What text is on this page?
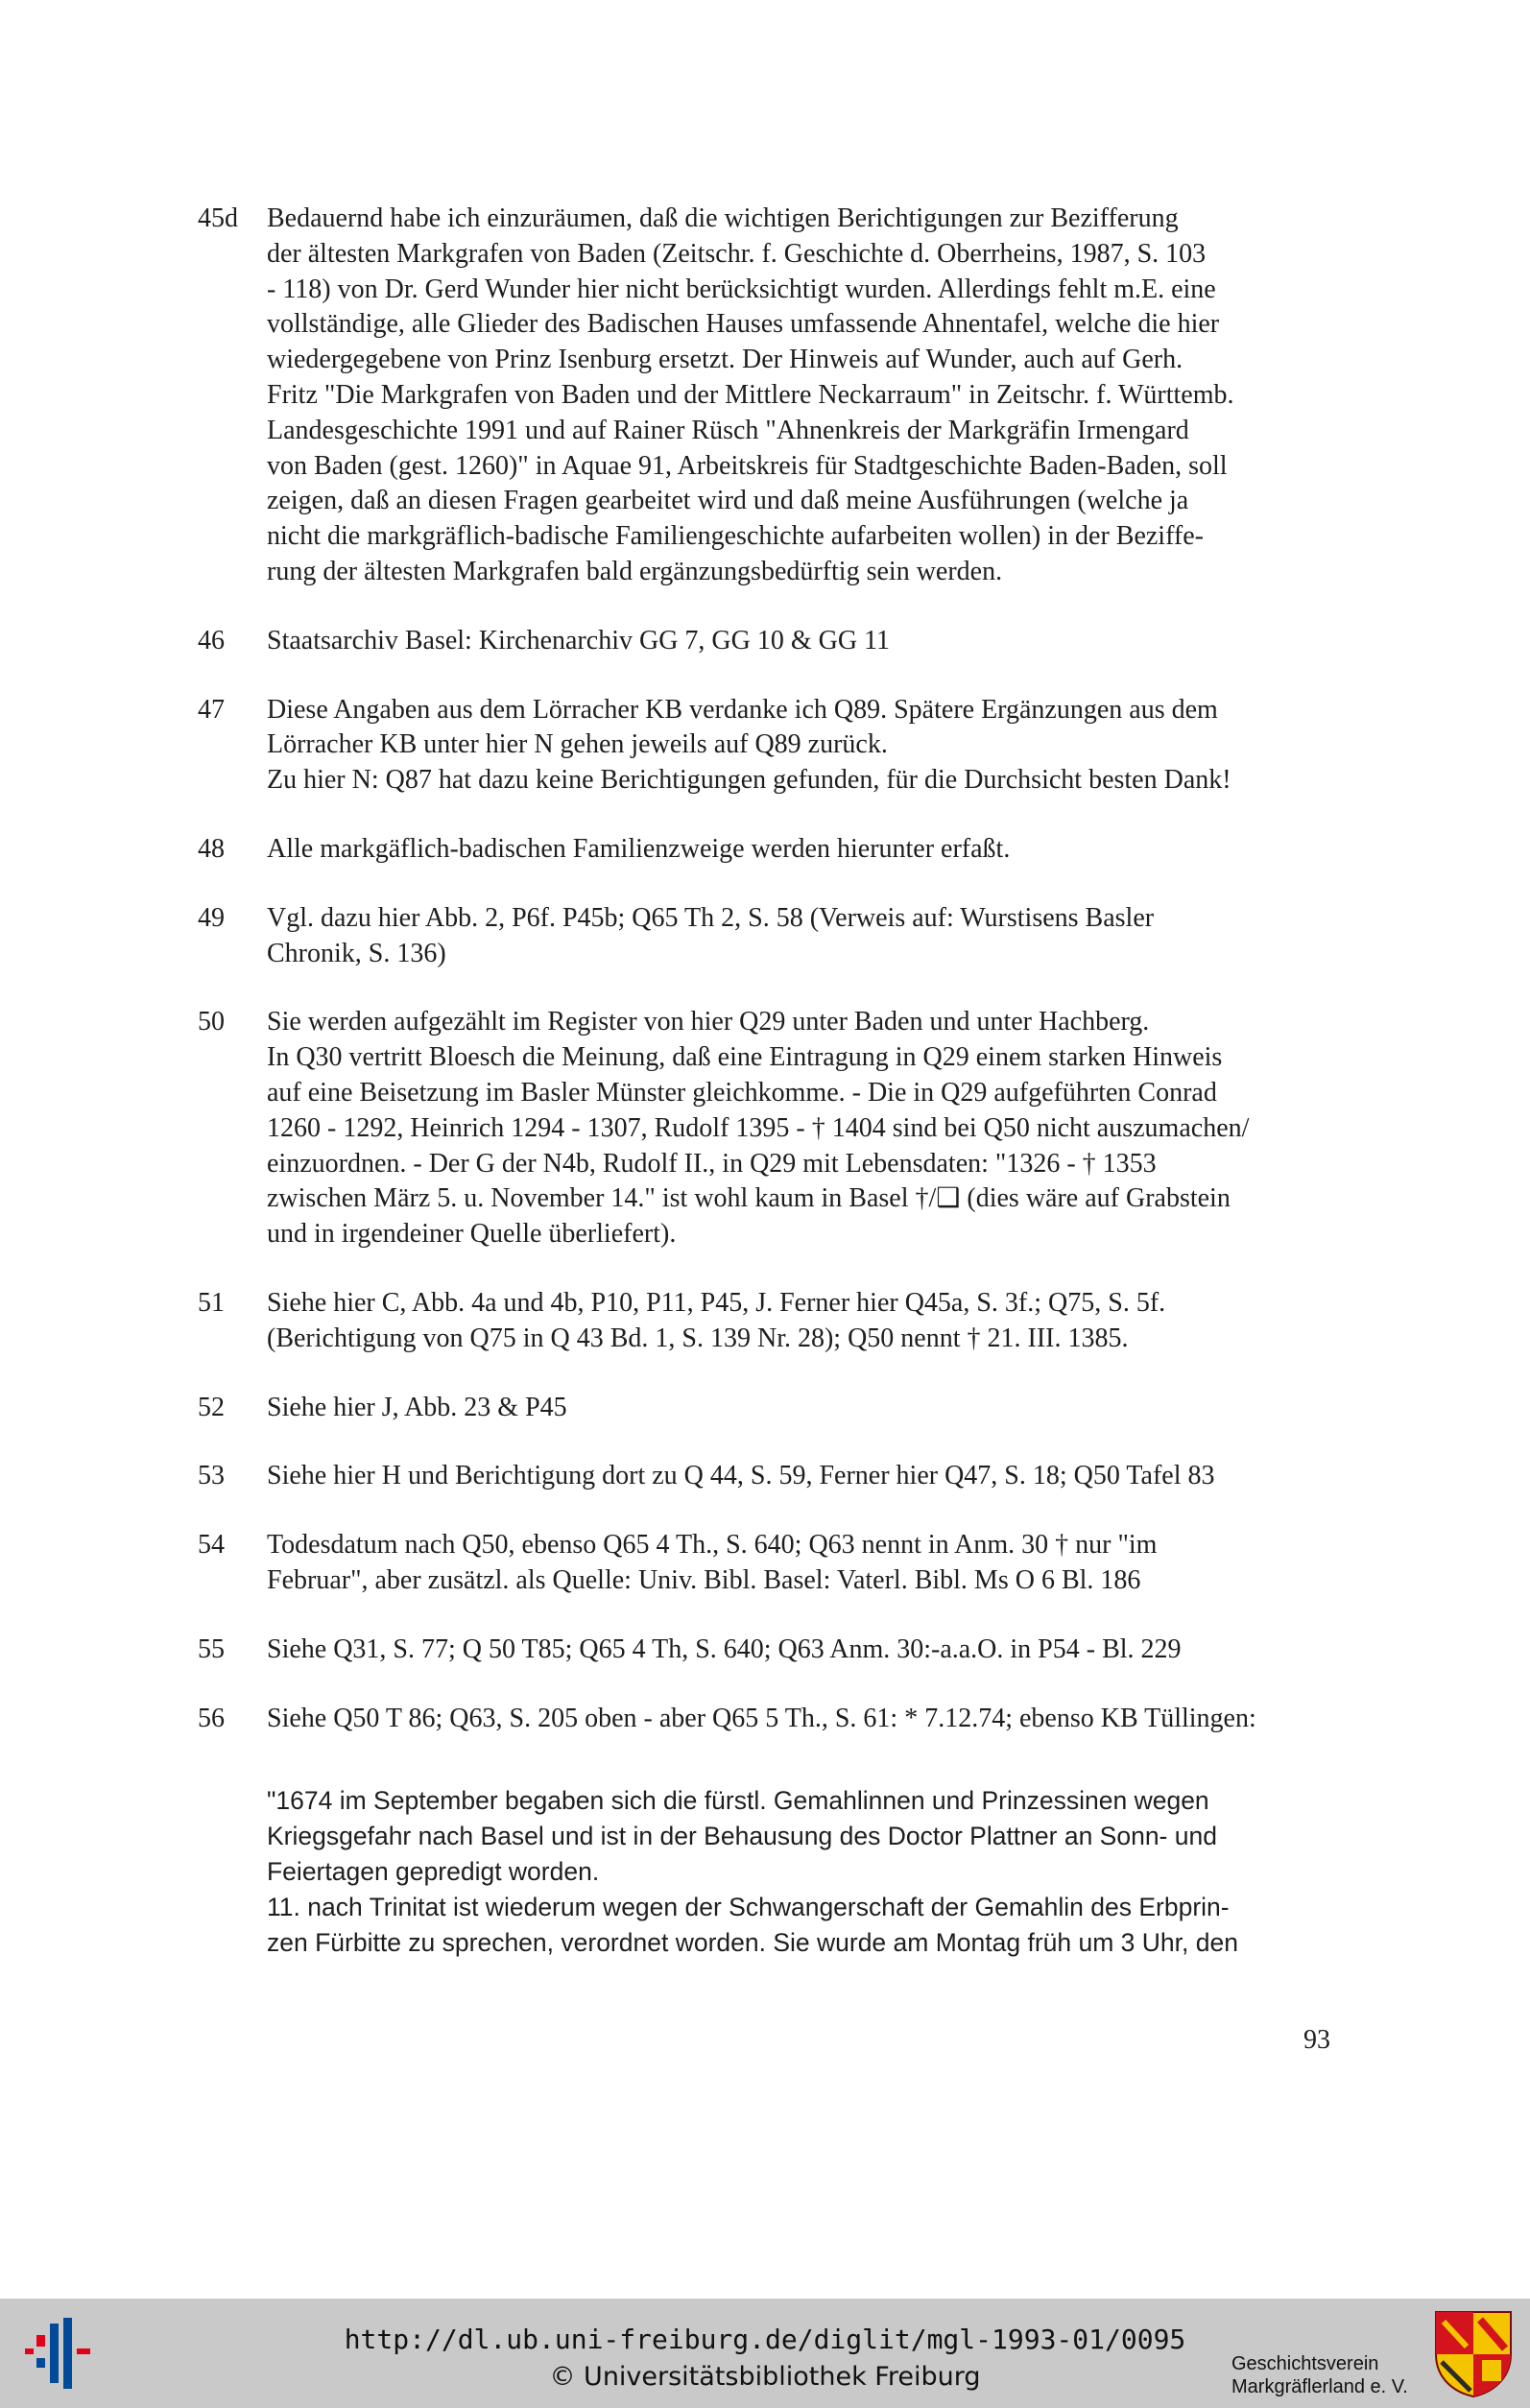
45d	Bedauernd habe ich einzuräumen, daß die wichtigen Berichtigungen zur Bezifferung
der ältesten Markgrafen von Baden (Zeitschr. f. Geschichte d. Oberrheins, 1987, S. 103
- 118) von Dr. Gerd Wunder hier nicht berücksichtigt wurden. Allerdings fehlt m.E. eine
vollständige, alle Glieder des Badischen Hauses umfassende Ahnentafel, welche die hier
wiedergegebene von Prinz Isenburg ersetzt. Der Hinweis auf Wunder, auch auf Gerh.
Fritz "Die Markgrafen von Baden und der Mittlere Neckarraum" in Zeitschr. f. Württemb.
Landesgeschichte 1991 und auf Rainer Rüsch "Ahnenkreis der Markgräfin Irmengard
von Baden (gest. 1260)" in Aquae 91, Arbeitskreis für Stadtgeschichte Baden-Baden, soll
zeigen, daß an diesen Fragen gearbeitet wird und daß meine Ausführungen (welche ja
nicht die markgräflich-badische Familiengeschichte aufarbeiten wollen) in der Beziffe-
rung der ältesten Markgrafen bald ergänzungsbedürftig sein werden.
46	Staatsarchiv Basel: Kirchenarchiv GG 7, GG 10 & GG 11
47	Diese Angaben aus dem Lörracher KB verdanke ich Q89. Spätere Ergänzungen aus dem
Lörracher KB unter hier N gehen jeweils auf Q89 zurück.
Zu hier N: Q87 hat dazu keine Berichtigungen gefunden, für die Durchsicht besten Dank!
48	Alle markgäflich-badischen Familienzweige werden hierunter erfaßt.
49	Vgl. dazu hier Abb. 2, P6f. P45b; Q65 Th 2, S. 58 (Verweis auf: Wurstisens Basler
Chronik, S. 136)
50	Sie werden aufgezählt im Register von hier Q29 unter Baden und unter Hachberg.
In Q30 vertritt Bloesch die Meinung, daß eine Eintragung in Q29 einem starken Hinweis
auf eine Beisetzung im Basler Münster gleichkomme. - Die in Q29 aufgeführten Conrad
1260 - 1292, Heinrich 1294 - 1307, Rudolf 1395 - † 1404 sind bei Q50 nicht auszumachen/
einzuordnen. - Der G der N4b, Rudolf II., in Q29 mit Lebensdaten: "1326 - † 1353
zwischen März 5. u. November 14." ist wohl kaum in Basel †/❑ (dies wäre auf Grabstein
und in irgendeiner Quelle überliefert).
51	Siehe hier C, Abb. 4a und 4b, P10, P11, P45, J. Ferner hier Q45a, S. 3f.; Q75, S. 5f.
(Berichtigung von Q75 in Q 43 Bd. 1, S. 139 Nr. 28); Q50 nennt † 21. III. 1385.
52	Siehe hier J, Abb. 23 & P45
53	Siehe hier H und Berichtigung dort zu Q 44, S. 59, Ferner hier Q47, S. 18; Q50 Tafel 83
54	Todesdatum nach Q50, ebenso Q65 4 Th., S. 640; Q63 nennt in Anm. 30 † nur "im
Februar", aber zusätzl. als Quelle: Univ. Bibl. Basel: Vaterl. Bibl. Ms O 6 Bl. 186
55	Siehe Q31, S. 77; Q 50 T85; Q65 4 Th, S. 640; Q63 Anm. 30:-a.a.O. in P54 - Bl. 229
56	Siehe Q50 T 86; Q63, S. 205 oben - aber Q65 5 Th., S. 61: * 7.12.74; ebenso KB Tüllingen:
"1674 im September begaben sich die fürstl. Gemahlinnen und Prinzessinen wegen
Kriegsgefahr nach Basel und ist in der Behausung des Doctor Plattner an Sonn- und
Feiertagen gepredigt worden.
11. nach Trinitat ist wiederum wegen der Schwangerschaft der Gemahlin des Erbprin-
zen Fürbitte zu sprechen, verordnet worden. Sie wurde am Montag früh um 3 Uhr, den
93
http://dl.ub.uni-freiburg.de/diglit/mgl-1993-01/0095
© Universitätsbibliothek Freiburg	Geschichtsverein
Markgräflerland e. V.
